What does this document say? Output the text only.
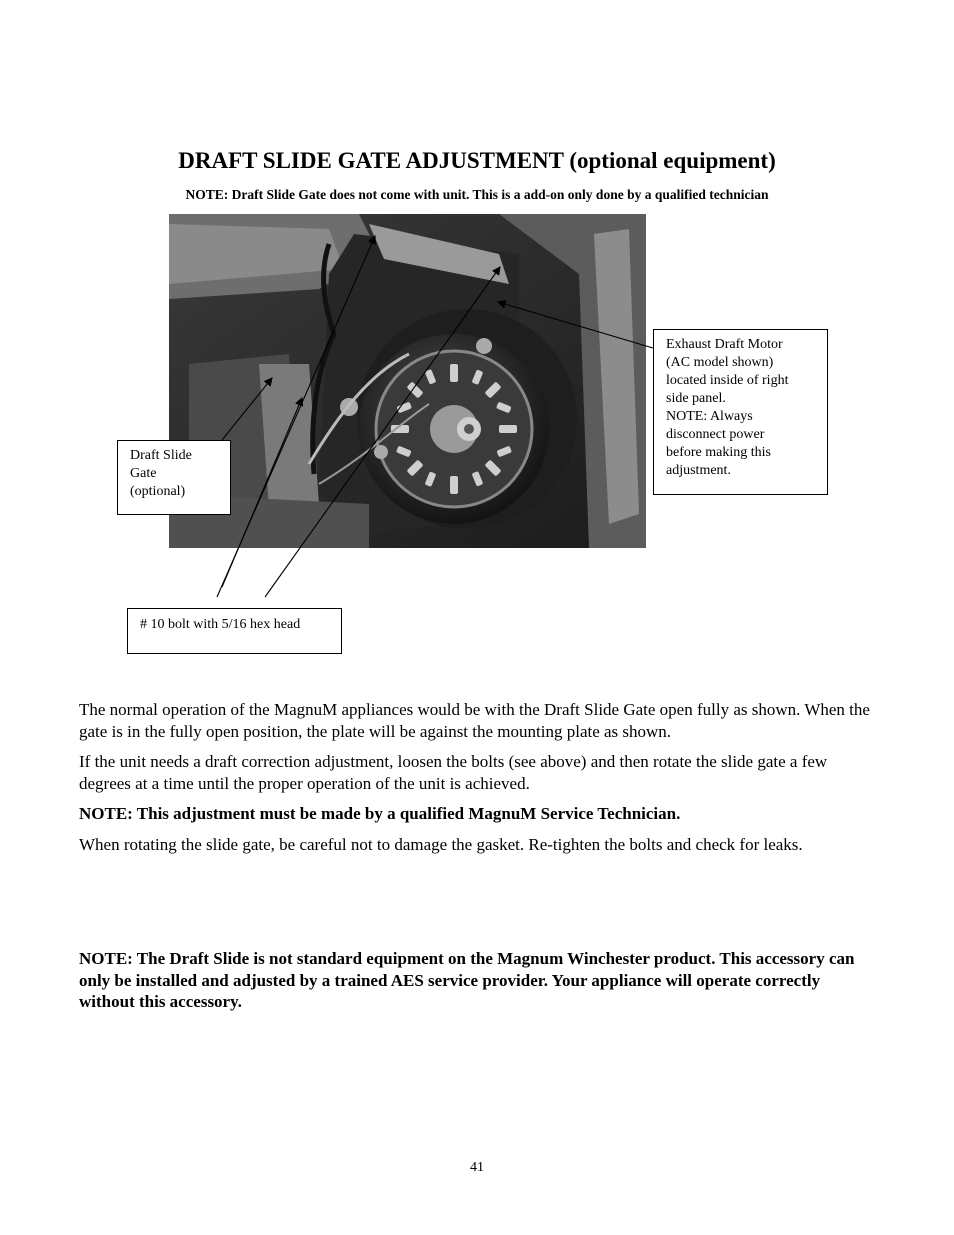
DRAFT SLIDE GATE ADJUSTMENT (optional equipment)

NOTE: Draft Slide Gate does not come with unit. This is a add-on only done by a qualified technician

Exhaust Draft Motor
(AC model shown)
located inside of right
side panel.
NOTE: Always
disconnect power
before making this
adjustment.
Draft Slide
Gate
(optional)
# 10 bolt with 5/16 hex head

The normal operation of the MagnuM appliances would be with the Draft Slide Gate open fully as shown. When the gate is in the fully open position, the plate will be against the mounting plate as shown.

If the unit needs a draft correction adjustment, loosen the bolts (see above) and then rotate the slide gate a few degrees at a time until the proper operation of the unit is achieved.

NOTE: This adjustment must be made by a qualified MagnuM Service Technician.

When rotating the slide gate, be careful not to damage the gasket. Re-tighten the bolts and check for leaks.

NOTE: The Draft Slide is not standard equipment on the Magnum Winchester product. This accessory can only be installed and adjusted by a trained AES service provider. Your appliance will operate correctly without this accessory.

41
